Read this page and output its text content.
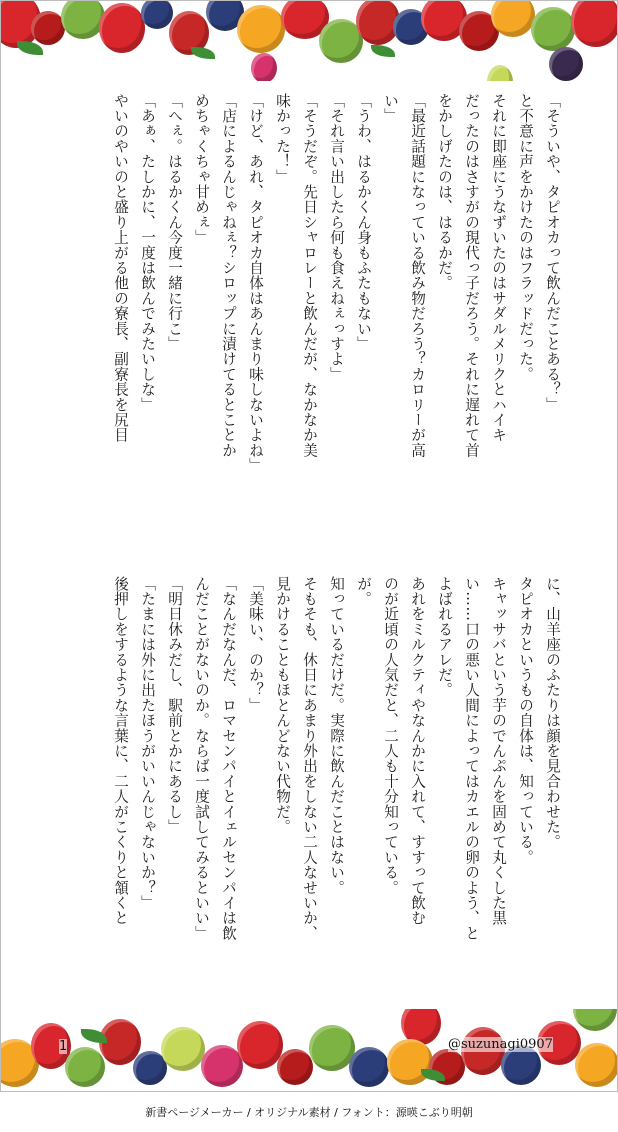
「そういや、タピオカって飲んだことある？」
と不意に声をかけたのはフラッドだった。
それに即座にうなずいたのはサダルメリクとハイキ
だったのはさすがの現代っ子だろう。それに遅れて首
をかしげたのは、はるかだ。
「最近話題になっている飲み物だろう？カロリーが高
い」
「うわ、はるかくん身もふたもない」
「それ言い出したら何も食えねぇっすよ」
「そうだぞ。先日シャロレーと飲んだが、なかなか美
味かった！」
「けど、あれ、タピオカ自体はあんまり味しないよね」
「店によるんじゃねぇ？シロップに漬けてるとことか
めちゃくちゃ甘めぇ」
「へぇ。はるかくん今度一緒に行こ」
「あぁ、たしかに、一度は飲んでみたいしな」
やいのやいのと盛り上がる他の寮長、副寮長を尻目
に、山羊座のふたりは顔を見合わせた。
タピオカというもの自体は、知っている。
キャッサバという芋のでんぷんを固めて丸くした黒
い……口の悪い人間によってはカエルの卵のよう、と
よばれるアレだ。
あれをミルクティやなんかに入れて、すすって飲む
のが近頃の人気だと、二人も十分知っている。
が。
知っているだけだ。実際に飲んだことはない。
そもそも、休日にあまり外出をしない二人なせいか、
見かけることもほとんどない代物だ。
「美味い、のか？」
「なんだなんだ、ロマセンパイとイェルセンパイは飲
んだことがないのか。ならば一度試してみるといい」
「明日休みだし、駅前とかにあるし」
「たまには外に出たほうがいいんじゃないか？」
後押しをするような言葉に、二人がこくりと頷くと
1	@suzunagi0907
新書ページメーカー / オリジナル素材 / フォント：源暎こぶり明朝
